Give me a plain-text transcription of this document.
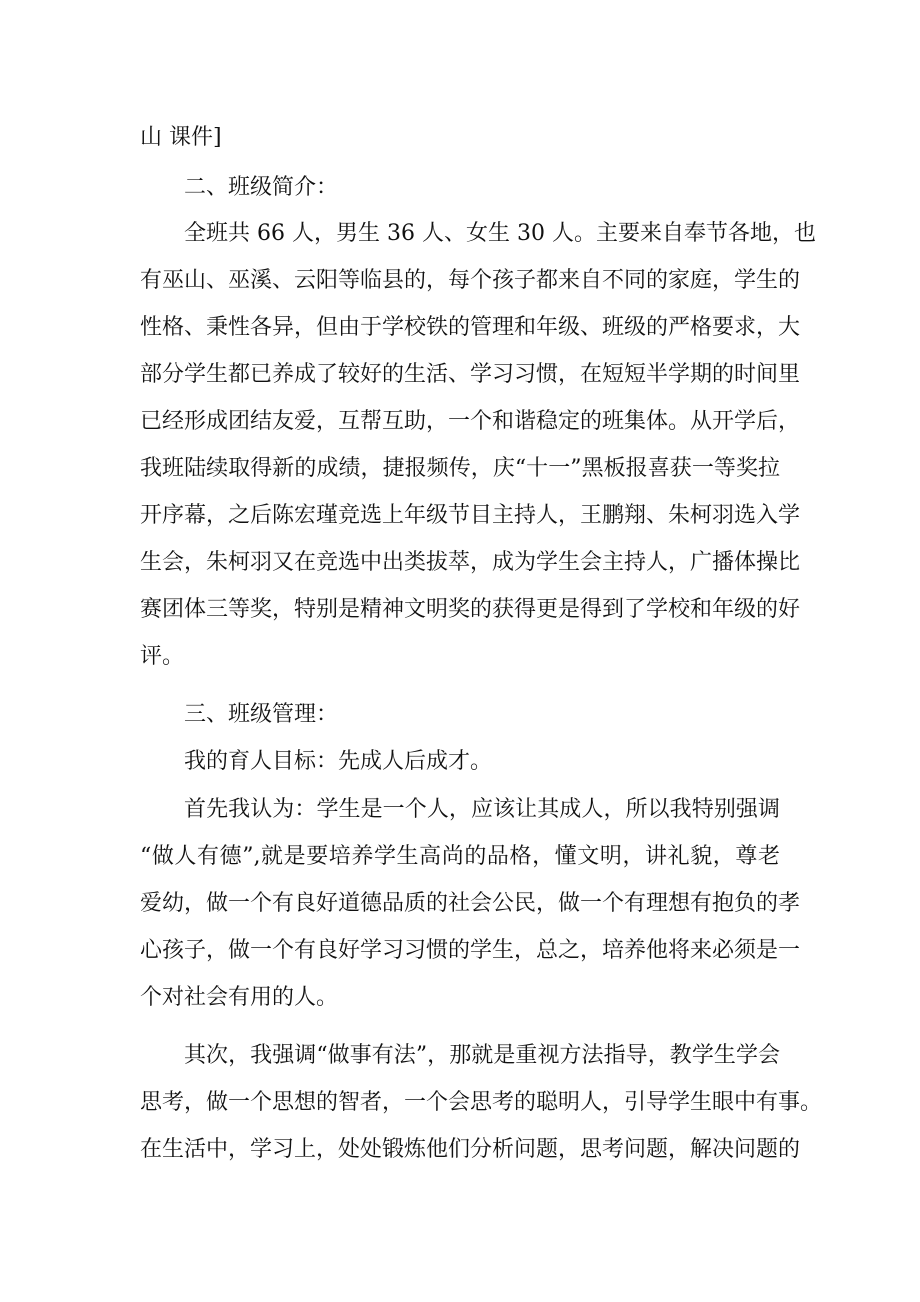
山 课件]
二、班级简介：
全班共 66 人，男生 36 人、女生 30 人。主要来自奉节各地，也
有巫山、巫溪、云阳等临县的，每个孩子都来自不同的家庭，学生的
性格、秉性各异，但由于学校铁的管理和年级、班级的严格要求，大
部分学生都已养成了较好的生活、学习习惯，在短短半学期的时间里
已经形成团结友爱，互帮互助，一个和谐稳定的班集体。从开学后，
我班陆续取得新的成绩，捷报频传，庆“十一”黑板报喜获一等奖拉
开序幕，之后陈宏瑾竞选上年级节目主持人，王鹏翔、朱柯羽选入学
生会，朱柯羽又在竞选中出类拔萃，成为学生会主持人，广播体操比
赛团体三等奖，特别是精神文明奖的获得更是得到了学校和年级的好
评。
三、班级管理：
我的育人目标：先成人后成才。
首先我认为：学生是一个人，应该让其成人，所以我特别强调
“做人有德”,就是要培养学生高尚的品格，懂文明，讲礼貌，尊老
爱幼，做一个有良好道德品质的社会公民，做一个有理想有抱负的孝
心孩子，做一个有良好学习习惯的学生，总之，培养他将来必须是一
个对社会有用的人。
其次，我强调“做事有法”，那就是重视方法指导，教学生学会
思考，做一个思想的智者，一个会思考的聪明人，引导学生眼中有事。
在生活中，学习上，处处锻炼他们分析问题，思考问题，解决问题的
